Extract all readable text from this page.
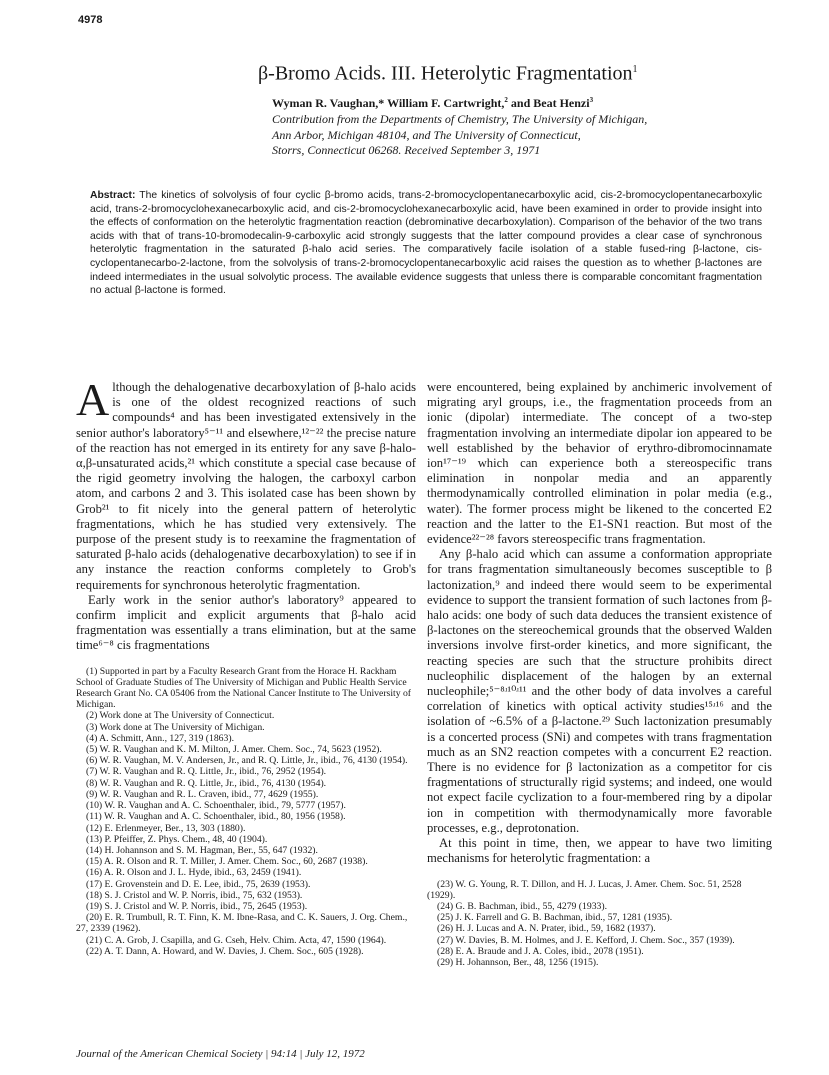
4978
β-Bromo Acids. III. Heterolytic Fragmentation$^1$
Wyman R. Vaughan,* William F. Cartwright,$^2$ and Beat Henzi$^3$
Contribution from the Departments of Chemistry, The University of Michigan,
Ann Arbor, Michigan 48104, and The University of Connecticut,
Storrs, Connecticut 06268. Received September 3, 1971
Abstract: The kinetics of solvolysis of four cyclic β-bromo acids, trans-2-bromocyclopentanecarboxylic acid, cis-2-bromocyclopentanecarboxylic acid, trans-2-bromocyclohexanecarboxylic acid, and cis-2-bromocyclohexanecarboxylic acid, have been examined in order to provide insight into the effects of conformation on the heterolytic fragmentation reaction (debrominative decarboxylation). Comparison of the behavior of the two trans acids with that of trans-10-bromodecalin-9-carboxylic acid strongly suggests that the latter compound provides a clear case of synchronous heterolytic fragmentation in the saturated β-halo acid series. The comparatively facile isolation of a stable fused-ring β-lactone, cis-cyclopentanecarbo-2-lactone, from the solvolysis of trans-2-bromocyclopentanecarboxylic acid raises the question as to whether β-lactones are indeed intermediates in the usual solvolytic process. The available evidence suggests that unless there is comparable concomitant fragmentation no actual β-lactone is formed.

Although the dehalogenative decarboxylation of β-halo acids is one of the oldest recognized reactions of such compounds⁴ and has been investigated extensively in the senior author's laboratory⁵⁻¹¹ and elsewhere,¹²⁻²² the precise nature of the reaction has not emerged in its entirety for any save β-halo-α,β-unsaturated acids,²¹ which constitute a special case because of the rigid geometry involving the halogen, the carboxyl carbon atom, and carbons 2 and 3. This isolated case has been shown by Grob²¹ to fit nicely into the general pattern of heterolytic fragmentations, which he has studied very extensively. The purpose of the present study is to reexamine the fragmentation of saturated β-halo acids (dehalogenative decarboxylation) to see if in any instance the reaction conforms completely to Grob's requirements for synchronous heterolytic fragmentation.

Early work in the senior author's laboratory⁹ appeared to confirm implicit and explicit arguments that β-halo acid fragmentation was essentially a trans elimination, but at the same time⁶⁻⁸ cis fragmentations

(1) Supported in part by a Faculty Research Grant from the Horace H. Rackham School of Graduate Studies of The University of Michigan and Public Health Service Research Grant No. CA 05406 from the National Cancer Institute to The University of Michigan.
(2) Work done at The University of Connecticut.
(3) Work done at The University of Michigan.
(4) A. Schmitt, Ann., 127, 319 (1863).
(5) W. R. Vaughan and K. M. Milton, J. Amer. Chem. Soc., 74, 5623 (1952).
(6) W. R. Vaughan, M. V. Andersen, Jr., and R. Q. Little, Jr., ibid., 76, 4130 (1954).
(7) W. R. Vaughan and R. Q. Little, Jr., ibid., 76, 2952 (1954).
(8) W. R. Vaughan and R. Q. Little, Jr., ibid., 76, 4130 (1954).
(9) W. R. Vaughan and R. L. Craven, ibid., 77, 4629 (1955).
(10) W. R. Vaughan and A. C. Schoenthaler, ibid., 79, 5777 (1957).
(11) W. R. Vaughan and A. C. Schoenthaler, ibid., 80, 1956 (1958).
(12) E. Erlenmeyer, Ber., 13, 303 (1880).
(13) P. Pfeiffer, Z. Phys. Chem., 48, 40 (1904).
(14) H. Johannson and S. M. Hagman, Ber., 55, 647 (1932).
(15) A. R. Olson and R. T. Miller, J. Amer. Chem. Soc., 60, 2687 (1938).
(16) A. R. Olson and J. L. Hyde, ibid., 63, 2459 (1941).
(17) E. Grovenstein and D. E. Lee, ibid., 75, 2639 (1953).
(18) S. J. Cristol and W. P. Norris, ibid., 75, 632 (1953).
(19) S. J. Cristol and W. P. Norris, ibid., 75, 2645 (1953).
(20) E. R. Trumbull, R. T. Finn, K. M. Ibne-Rasa, and C. K. Sauers, J. Org. Chem., 27, 2339 (1962).
(21) C. A. Grob, J. Csapilla, and G. Cseh, Helv. Chim. Acta, 47, 1590 (1964).
(22) A. T. Dann, A. Howard, and W. Davies, J. Chem. Soc., 605 (1928).

were encountered, being explained by anchimeric involvement of migrating aryl groups, i.e., the fragmentation proceeds from an ionic (dipolar) intermediate. The concept of a two-step fragmentation involving an intermediate dipolar ion appeared to be well established by the behavior of erythro-dibromocinnamate ion¹⁷⁻¹⁹ which can experience both a stereospecific trans elimination in nonpolar media and an apparently thermodynamically controlled elimination in polar media (e.g., water). The former process might be likened to the concerted E2 reaction and the latter to the E1-SN1 reaction. But most of the evidence²²⁻²⁸ favors stereospecific trans fragmentation.

Any β-halo acid which can assume a conformation appropriate for trans fragmentation simultaneously becomes susceptible to β lactonization,⁹ and indeed there would seem to be experimental evidence to support the transient formation of such lactones from β-halo acids: one body of such data deduces the transient existence of β-lactones on the stereochemical grounds that the observed Walden inversions involve first-order kinetics, and more significant, the reacting species are such that the structure prohibits direct nucleophilic displacement of the halogen by an external nucleophile;⁵⁻⁸ʴ¹⁰ʴ¹¹ and the other body of data involves a careful correlation of kinetics with optical activity studies¹⁵ʴ¹⁶ and the isolation of ~6.5% of a β-lactone.²⁹ Such lactonization presumably is a concerted process (SNi) and competes with trans fragmentation much as an SN2 reaction competes with a concurrent E2 reaction. There is no evidence for β lactonization as a competitor for cis fragmentations of structurally rigid systems; and indeed, one would not expect facile cyclization to a four-membered ring by a dipolar ion in competition with thermodynamically more favorable processes, e.g., deprotonation.

At this point in time, then, we appear to have two limiting mechanisms for heterolytic fragmentation: a

(23) W. G. Young, R. T. Dillon, and H. J. Lucas, J. Amer. Chem. Soc. 51, 2528 (1929).
(24) G. B. Bachman, ibid., 55, 4279 (1933).
(25) J. K. Farrell and G. B. Bachman, ibid., 57, 1281 (1935).
(26) H. J. Lucas and A. N. Prater, ibid., 59, 1682 (1937).
(27) W. Davies, B. M. Holmes, and J. E. Kefford, J. Chem. Soc., 357 (1939).
(28) E. A. Braude and J. A. Coles, ibid., 2078 (1951).
(29) H. Johannson, Ber., 48, 1256 (1915).
Journal of the American Chemical Society | 94:14 | July 12, 1972
